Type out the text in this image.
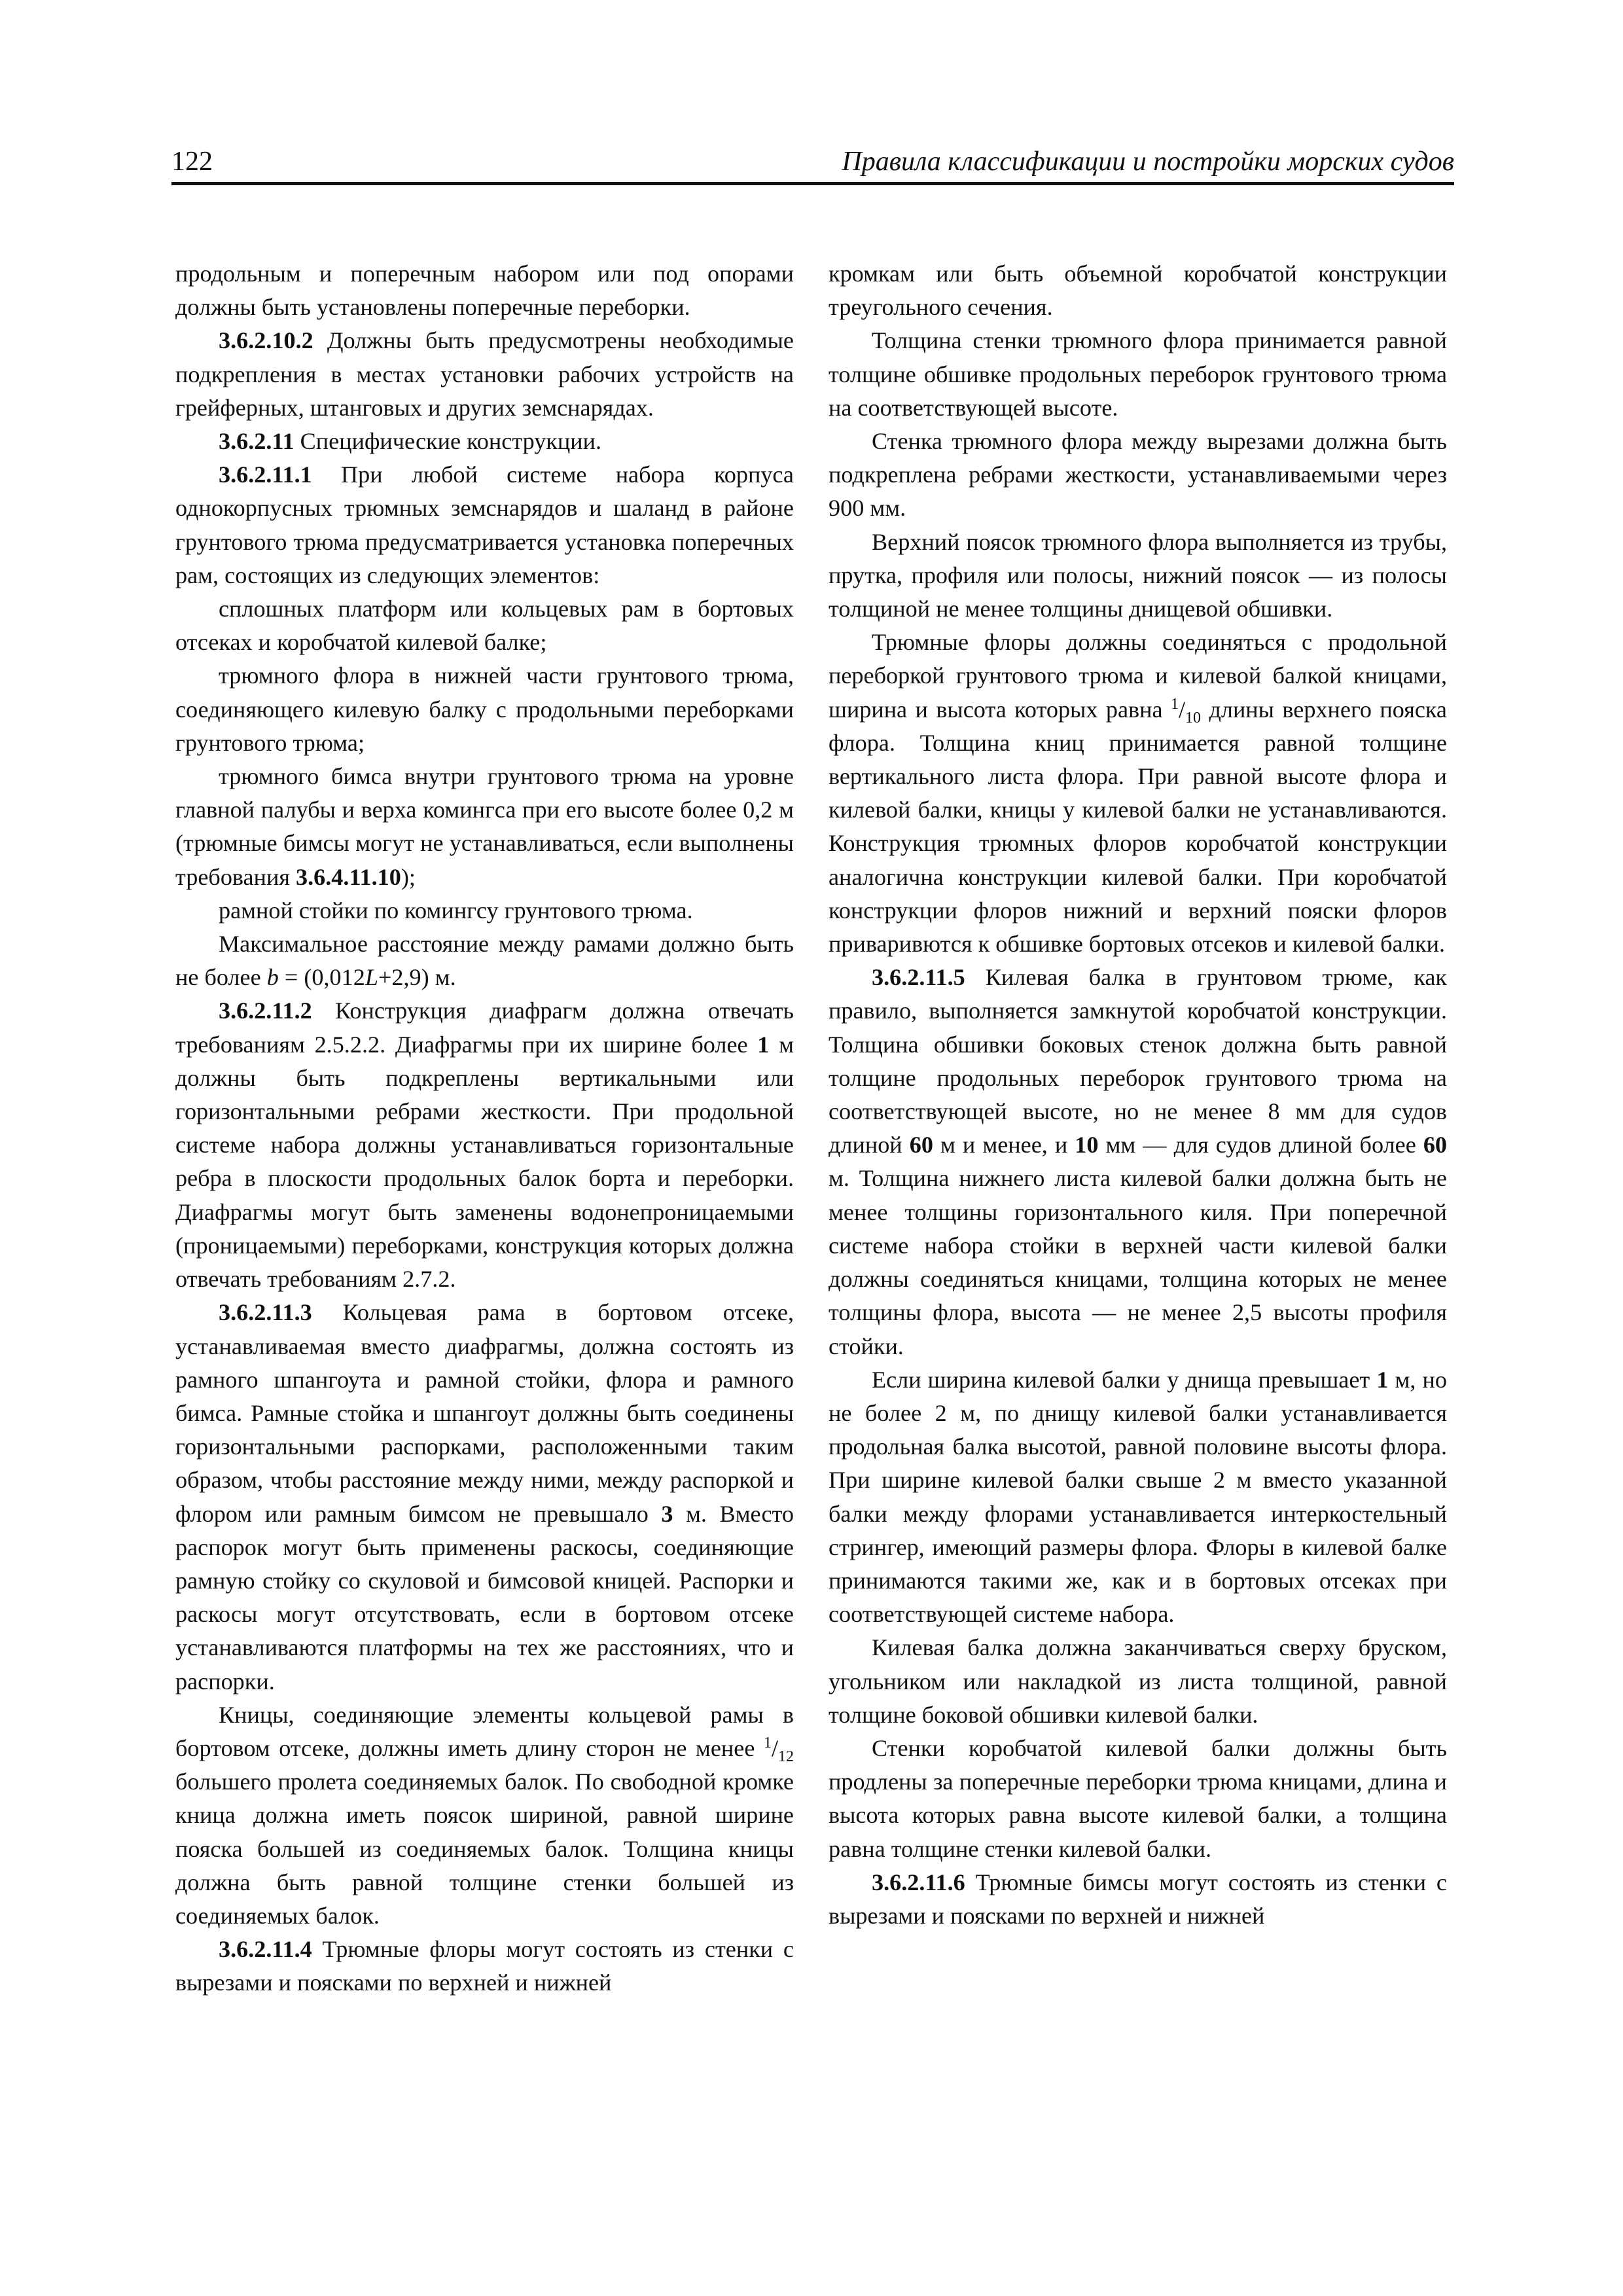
122	Правила классификации и постройки морских судов

продольным и поперечным набором или под опорами должны быть установлены поперечные переборки.

3.6.2.10.2 Должны быть предусмотрены необходимые подкрепления в местах установки рабочих устройств на грейферных, штанговых и других земснарядах.

3.6.2.11 Специфические конструкции.

3.6.2.11.1 При любой системе набора корпуса однокорпусных трюмных земснарядов и шаланд в районе грунтового трюма предусматривается установка поперечных рам, состоящих из следующих элементов:

сплошных платформ или кольцевых рам в бортовых отсеках и коробчатой килевой балке;

трюмного флора в нижней части грунтового трюма, соединяющего килевую балку с продольными переборками грунтового трюма;

трюмного бимса внутри грунтового трюма на уровне главной палубы и верха комингса при его высоте более 0,2 м (трюмные бимсы могут не устанавливаться, если выполнены требования 3.6.4.11.10);

рамной стойки по комингсу грунтового трюма.

Максимальное расстояние между рамами должно быть не более b = (0,012L+2,9) м.

3.6.2.11.2 Конструкция диафрагм должна отвечать требованиям 2.5.2.2. Диафрагмы при их ширине более 1 м должны быть подкреплены вертикальными или горизонтальными ребрами жесткости. При продольной системе набора должны устанавливаться горизонтальные ребра в плоскости продольных балок борта и переборки. Диафрагмы могут быть заменены водонепроницаемыми (проницаемыми) переборками, конструкция которых должна отвечать требованиям 2.7.2.

3.6.2.11.3 Кольцевая рама в бортовом отсеке, устанавливаемая вместо диафрагмы, должна состоять из рамного шпангоута и рамной стойки, флора и рамного бимса. Рамные стойка и шпангоут должны быть соединены горизонтальными распорками, расположенными таким образом, чтобы расстояние между ними, между распоркой и флором или рамным бимсом не превышало 3 м. Вместо распорок могут быть применены раскосы, соединяющие рамную стойку со скуловой и бимсовой кницей. Распорки и раскосы могут отсутствовать, если в бортовом отсеке устанавливаются платформы на тех же расстояниях, что и распорки.

Кницы, соединяющие элементы кольцевой рамы в бортовом отсеке, должны иметь длину сторон не менее $^1/_{12}$ большего пролета соединяемых балок. По свободной кромке кница должна иметь поясок шириной, равной ширине пояска большей из соединяемых балок. Толщина кницы должна быть равной толщине стенки большей из соединяемых балок.

3.6.2.11.4 Трюмные флоры могут состоять из стенки с вырезами и поясками по верхней и нижней

кромкам или быть объемной коробчатой конструкции треугольного сечения.

Толщина стенки трюмного флора принимается равной толщине обшивке продольных переборок грунтового трюма на соответствующей высоте.

Стенка трюмного флора между вырезами должна быть подкреплена ребрами жесткости, устанавливаемыми через 900 мм.

Верхний поясок трюмного флора выполняется из трубы, прутка, профиля или полосы, нижний поясок — из полосы толщиной не менее толщины днищевой обшивки.

Трюмные флоры должны соединяться с продольной переборкой грунтового трюма и килевой балкой кницами, ширина и высота которых равна $^1/_{10}$ длины верхнего пояска флора. Толщина книц принимается равной толщине вертикального листа флора. При равной высоте флора и килевой балки, кницы у килевой балки не устанавливаются. Конструкция трюмных флоров коробчатой конструкции аналогична конструкции килевой балки. При коробчатой конструкции флоров нижний и верхний пояски флоров приваривются к обшивке бортовых отсеков и килевой балки.

3.6.2.11.5 Килевая балка в грунтовом трюме, как правило, выполняется замкнутой коробчатой конструкции. Толщина обшивки боковых стенок должна быть равной толщине продольных переборок грунтового трюма на соответствующей высоте, но не менее 8 мм для судов длиной 60 м и менее, и 10 мм — для судов длиной более 60 м. Толщина нижнего листа килевой балки должна быть не менее толщины горизонтального киля. При поперечной системе набора стойки в верхней части килевой балки должны соединяться кницами, толщина которых не менее толщины флора, высота — не менее 2,5 высоты профиля стойки.

Если ширина килевой балки у днища превышает 1 м, но не более 2 м, по днищу килевой балки устанавливается продольная балка высотой, равной половине высоты флора. При ширине килевой балки свыше 2 м вместо указанной балки между флорами устанавливается интеркостельный стрингер, имеющий размеры флора. Флоры в килевой балке принимаются такими же, как и в бортовых отсеках при соответствующей системе набора.

Килевая балка должна заканчиваться сверху бруском, угольником или накладкой из листа толщиной, равной толщине боковой обшивки килевой балки.

Стенки коробчатой килевой балки должны быть продлены за поперечные переборки трюма кницами, длина и высота которых равна высоте килевой балки, а толщина равна толщине стенки килевой балки.

3.6.2.11.6 Трюмные бимсы могут состоять из стенки с вырезами и поясками по верхней и нижней
